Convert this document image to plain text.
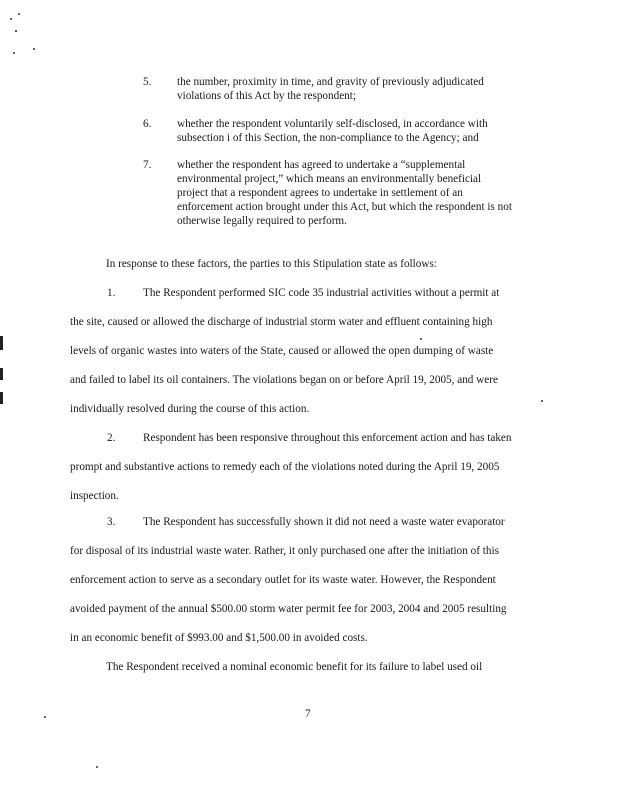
5.	the number, proximity in time, and gravity of previously adjudicated
violations of this Act by the respondent;
6.	whether the respondent voluntarily self-disclosed, in accordance with
subsection i of this Section, the non-compliance to the Agency; and
7.	whether the respondent has agreed to undertake a “supplemental
environmental project,” which means an environmentally beneficial
project that a respondent agrees to undertake in settlement of an
enforcement action brought under this Act, but which the respondent is not
otherwise legally required to perform.
In response to these factors, the parties to this Stipulation state as follows:
1. The Respondent performed SIC code 35 industrial activities without a permit at
the site, caused or allowed the discharge of industrial storm water and effluent containing high
levels of organic wastes into waters of the State, caused or allowed the open dumping of waste
and failed to label its oil containers. The violations began on or before April 19, 2005, and were
individually resolved during the course of this action.
2. Respondent has been responsive throughout this enforcement action and has taken
prompt and substantive actions to remedy each of the violations noted during the April 19, 2005
inspection.
3. The Respondent has successfully shown it did not need a waste water evaporator
for disposal of its industrial waste water. Rather, it only purchased one after the initiation of this
enforcement action to serve as a secondary outlet for its waste water. However, the Respondent
avoided payment of the annual $500.00 storm water permit fee for 2003, 2004 and 2005 resulting
in an economic benefit of $993.00 and $1,500.00 in avoided costs.
The Respondent received a nominal economic benefit for its failure to label used oil
7
